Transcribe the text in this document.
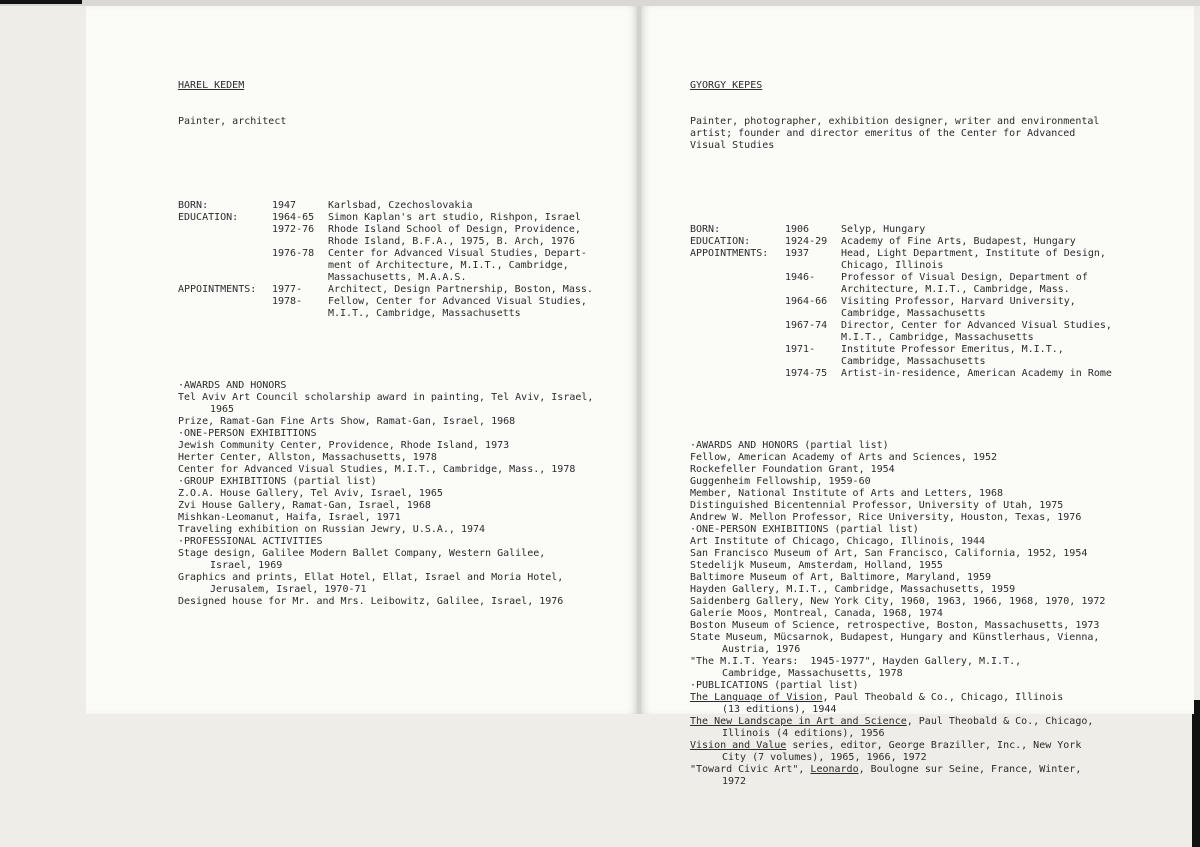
HAREL KEDEM

Painter, architect

BORN:	1947	Karlsbad, Czechoslovakia
EDUCATION:	1964-65 Simon Kaplan's art studio, Rishpon, Israel
1972-76 Rhode Island School of Design, Providence,
Rhode Island, B.F.A., 1975, B. Arch, 1976
1976-78 Center for Advanced Visual Studies, Depart-
ment of Architecture, M.I.T., Cambridge,
Massachusetts, M.A.A.S.
APPOINTMENTS: 1977-	Architect, Design Partnership, Boston, Mass.
1978-	Fellow, Center for Advanced Visual Studies,
M.I.T., Cambridge, Massachusetts

·AWARDS AND HONORS
Tel Aviv Art Council scholarship award in painting, Tel Aviv, Israel,
1965
Prize, Ramat-Gan Fine Arts Show, Ramat-Gan, Israel, 1968
·ONE-PERSON EXHIBITIONS
Jewish Community Center, Providence, Rhode Island, 1973
Herter Center, Allston, Massachusetts, 1978
Center for Advanced Visual Studies, M.I.T., Cambridge, Mass., 1978
·GROUP EXHIBITIONS (partial list)
Z.O.A. House Gallery, Tel Aviv, Israel, 1965
Zvi House Gallery, Ramat-Gan, Israel, 1968
Mishkan-Leomanut, Haifa, Israel, 1971
Traveling exhibition on Russian Jewry, U.S.A., 1974
·PROFESSIONAL ACTIVITIES
Stage design, Galilee Modern Ballet Company, Western Galilee,
Israel, 1969
Graphics and prints, Ellat Hotel, Ellat, Israel and Moria Hotel,
Jerusalem, Israel, 1970-71
Designed house for Mr. and Mrs. Leibowitz, Galilee, Israel, 1976

GYORGY KEPES

Painter, photographer, exhibition designer, writer and environmental
artist; founder and director emeritus of the Center for Advanced
Visual Studies

BORN:	1906	Selyp, Hungary
EDUCATION:	1924-29 Academy of Fine Arts, Budapest, Hungary
APPOINTMENTS: 1937	Head, Light Department, Institute of Design,
Chicago, Illinois
1946-	Professor of Visual Design, Department of
Architecture, M.I.T., Cambridge, Mass.
1964-66 Visiting Professor, Harvard University,
Cambridge, Massachusetts
1967-74 Director, Center for Advanced Visual Studies,
M.I.T., Cambridge, Massachusetts
1971-	Institute Professor Emeritus, M.I.T.,
Cambridge, Massachusetts
1974-75 Artist-in-residence, American Academy in Rome

·AWARDS AND HONORS (partial list)
Fellow, American Academy of Arts and Sciences, 1952
Rockefeller Foundation Grant, 1954
Guggenheim Fellowship, 1959-60
Member, National Institute of Arts and Letters, 1968
Distinguished Bicentennial Professor, University of Utah, 1975
Andrew W. Mellon Professor, Rice University, Houston, Texas, 1976
·ONE-PERSON EXHIBITIONS (partial list)
Art Institute of Chicago, Chicago, Illinois, 1944
San Francisco Museum of Art, San Francisco, California, 1952, 1954
Stedelijk Museum, Amsterdam, Holland, 1955
Baltimore Museum of Art, Baltimore, Maryland, 1959
Hayden Gallery, M.I.T., Cambridge, Massachusetts, 1959
Saidenberg Gallery, New York City, 1960, 1963, 1966, 1968, 1970, 1972
Galerie Moos, Montreal, Canada, 1968, 1974
Boston Museum of Science, retrospective, Boston, Massachusetts, 1973
State Museum, Mücsarnok, Budapest, Hungary and Künstlerhaus, Vienna,
Austria, 1976
"The M.I.T. Years:  1945-1977", Hayden Gallery, M.I.T.,
Cambridge, Massachusetts, 1978
·PUBLICATIONS (partial list)
The Language of Vision, Paul Theobald & Co., Chicago, Illinois
(13 editions), 1944
The New Landscape in Art and Science, Paul Theobald & Co., Chicago,
Illinois (4 editions), 1956
Vision and Value series, editor, George Braziller, Inc., New York
City (7 volumes), 1965, 1966, 1972
"Toward Civic Art", Leonardo, Boulogne sur Seine, France, Winter,
1972
